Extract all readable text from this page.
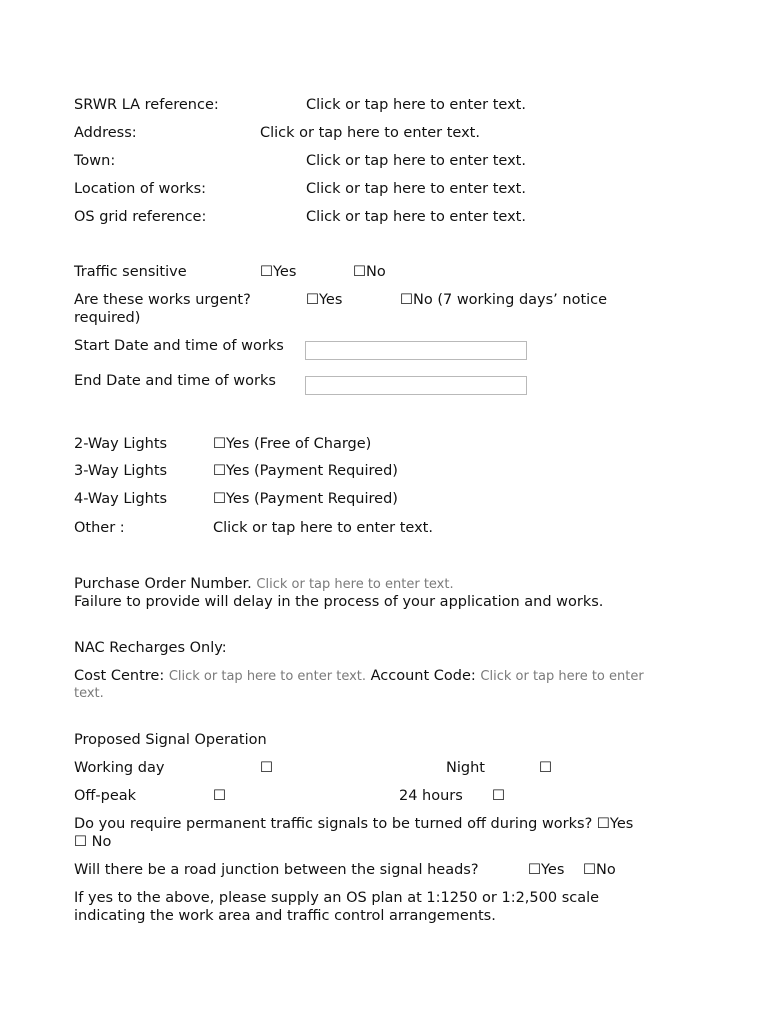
SRWR LA reference:	Click or tap here to enter text.
Address:	Click or tap here to enter text.
Town:	Click or tap here to enter text.
Location of works:	Click or tap here to enter text.
OS grid reference:	Click or tap here to enter text.
Traffic sensitive	☐Yes	☐No
Are these works urgent?	☐Yes	☐No (7 working days’ notice
required)
Start Date and time of works
End Date and time of works
2-Way Lights	☐Yes (Free of Charge)
3-Way Lights	☐Yes (Payment Required)
4-Way Lights	☐Yes (Payment Required)
Other :	Click or tap here to enter text.
Purchase Order Number. Click or tap here to enter text.
Failure to provide will delay in the process of your application and works.
NAC Recharges Only:
Cost Centre: Click or tap here to enter text. Account Code: Click or tap here to enter
text.
Proposed Signal Operation
Working day	☐	Night	☐
Off-peak	☐	24 hours ☐
Do you require permanent traffic signals to be turned off during works? ☐Yes
☐ No
Will there be a road junction between the signal heads?	☐Yes ☐No
If yes to the above, please supply an OS plan at 1:1250 or 1:2,500 scale
indicating the work area and traffic control arrangements.
